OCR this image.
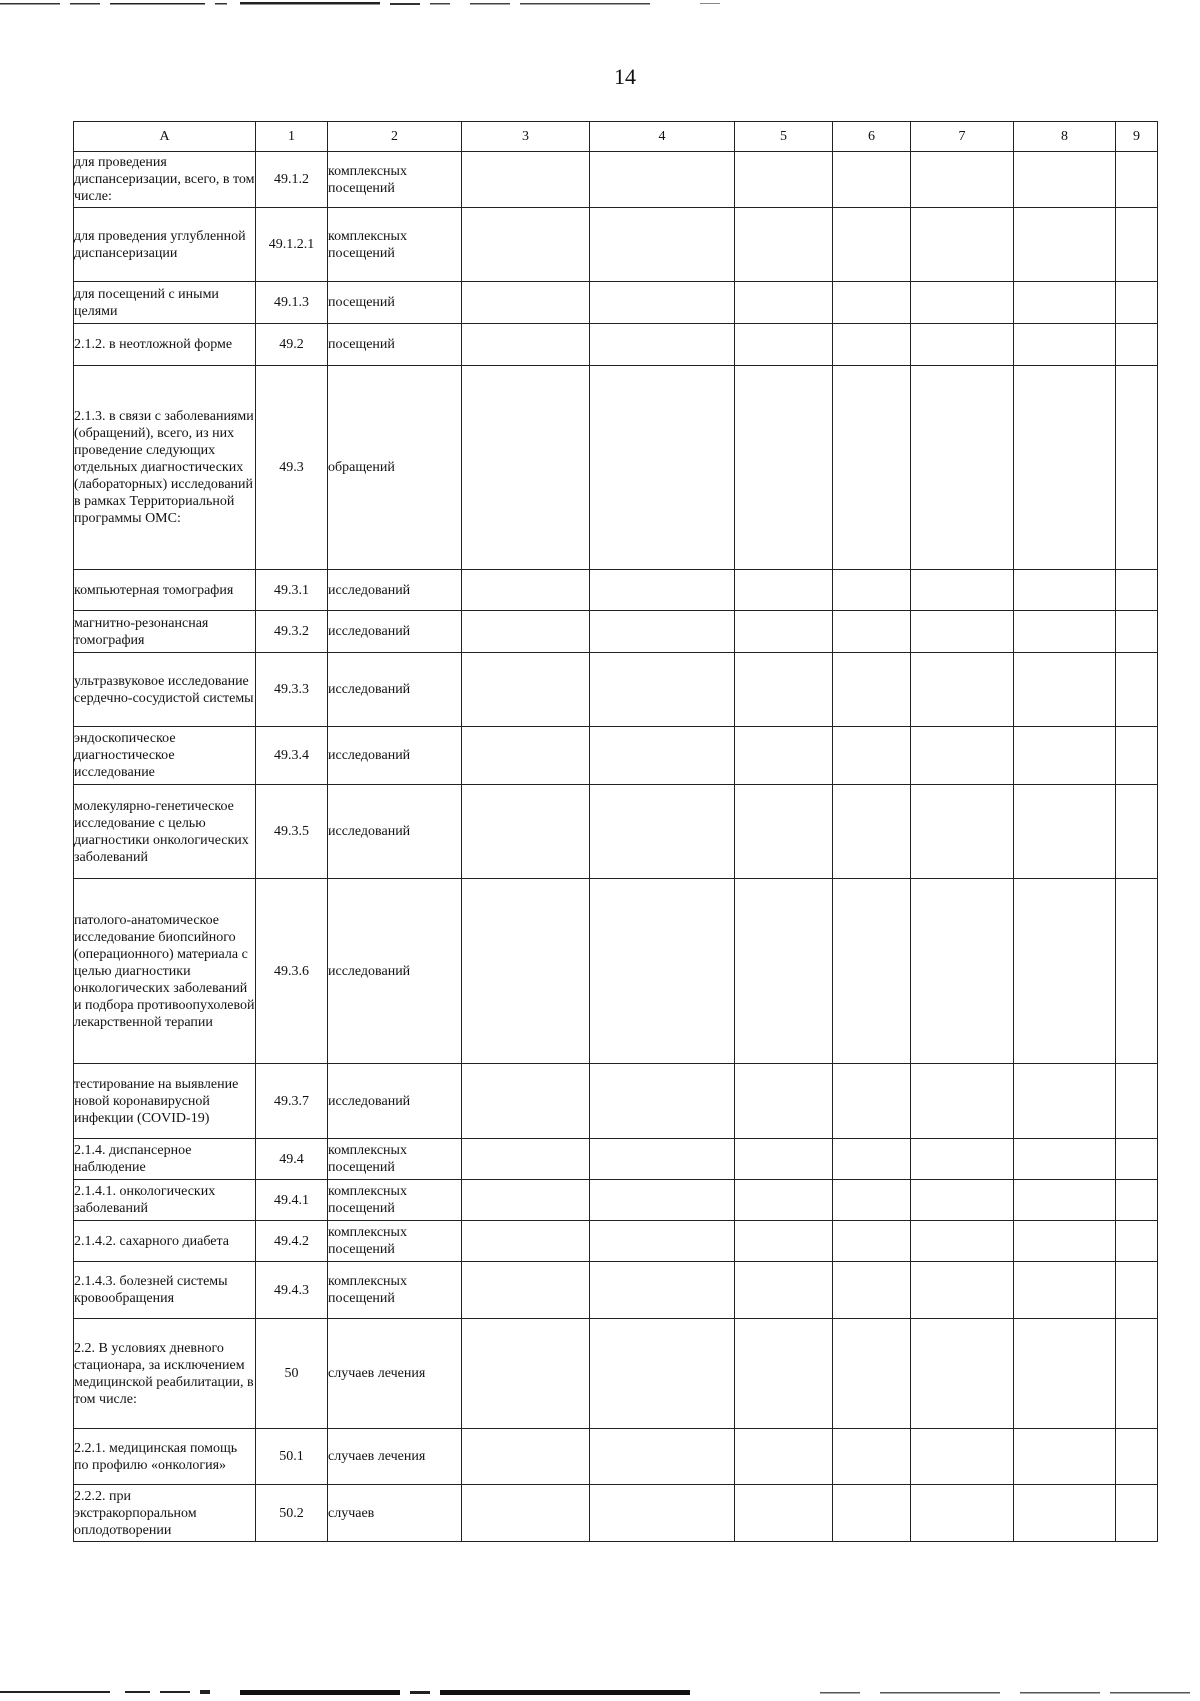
14
A	1	2	3	4	5	6	7	8	9
для проведения диспансеризации, всего, в том числе:	49.1.2	комплексных посещений							
для проведения углубленной диспансеризации	49.1.2.1	комплексных посещений							
для посещений с иными целями	49.1.3	посещений							
2.1.2. в неотложной форме	49.2	посещений							
2.1.3. в связи с заболеваниями (обращений), всего, из них проведение следующих отдельных диагностических (лабораторных) исследований в рамках Территориальной программы ОМС:	49.3	обращений							
компьютерная томография	49.3.1	исследований							
магнитно-резонансная томография	49.3.2	исследований							
ультразвуковое исследование сердечно-сосудистой системы	49.3.3	исследований							
эндоскопическое диагностическое исследование	49.3.4	исследований							
молекулярно-генетическое исследование с целью диагностики онкологических заболеваний	49.3.5	исследований							
патолого-анатомическое исследование биопсийного (операционного) материала с целью диагностики онкологических заболеваний и подбора противоопухолевой лекарственной терапии	49.3.6	исследований							
тестирование на выявление новой коронавирусной инфекции (COVID-19)	49.3.7	исследований							
2.1.4. диспансерное наблюдение	49.4	комплексных посещений							
2.1.4.1. онкологических заболеваний	49.4.1	комплексных посещений							
2.1.4.2. сахарного диабета	49.4.2	комплексных посещений							
2.1.4.3. болезней системы кровообращения	49.4.3	комплексных посещений							
2.2. В условиях дневного стационара, за исключением медицинской реабилитации, в том числе:	50	случаев лечения							
2.2.1. медицинская помощь по профилю «онкология»	50.1	случаев лечения							
2.2.2. при экстракорпоральном оплодотворении	50.2	случаев							
